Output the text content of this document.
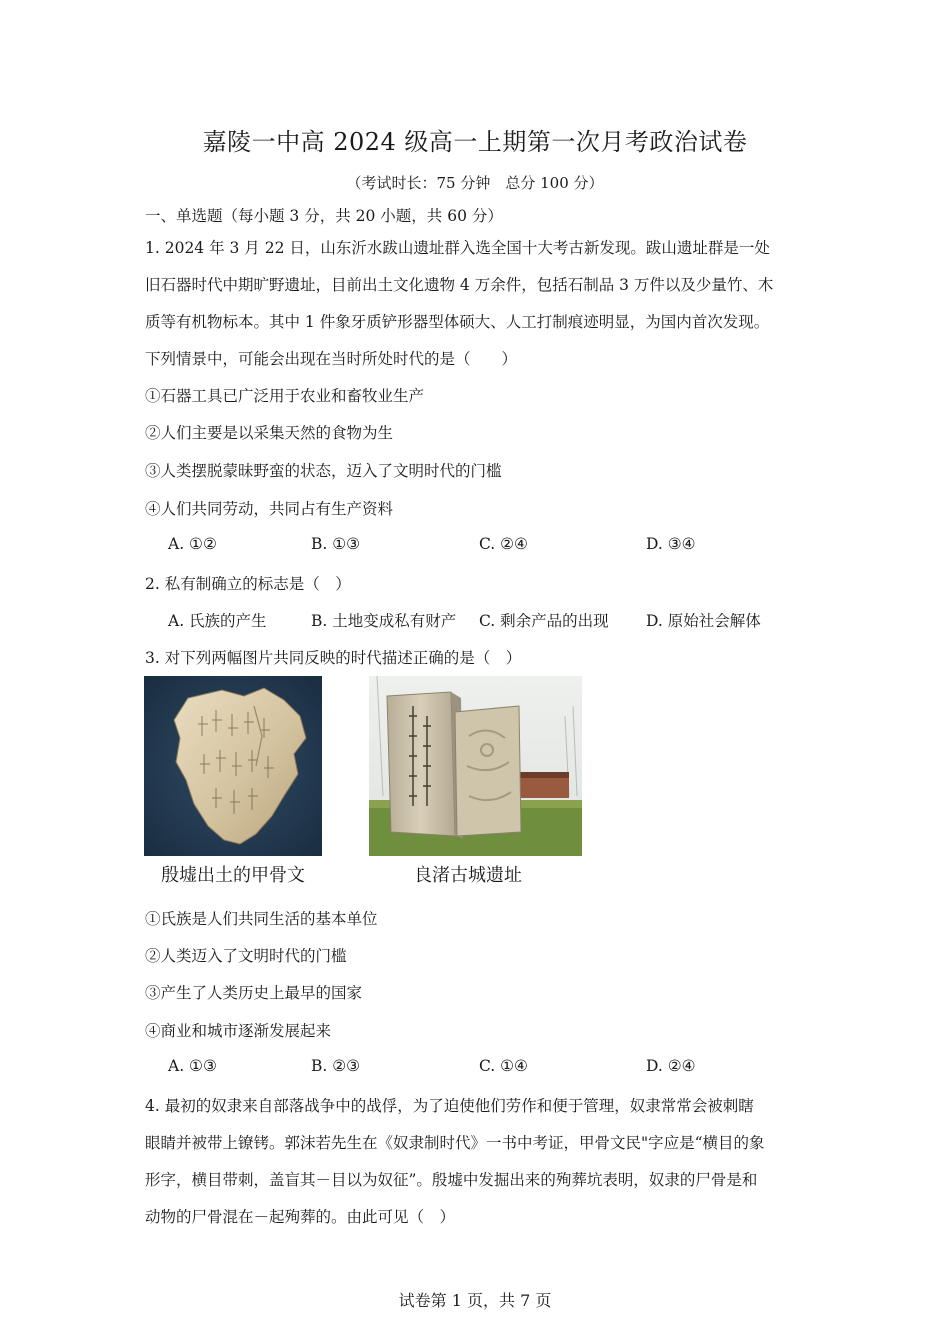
嘉陵一中高 2024 级高一上期第一次月考政治试卷
（考试时长：75 分钟　总分 100 分）
一、单选题（每小题 3 分，共 20 小题，共 60 分）
1. 2024 年 3 月 22 日，山东沂水跋山遗址群入选全国十大考古新发现。跋山遗址群是一处
旧石器时代中期旷野遗址，目前出土文化遗物 4 万余件，包括石制品 3 万件以及少量竹、木
质等有机物标本。其中 1 件象牙质铲形器型体硕大、人工打制痕迹明显，为国内首次发现。
下列情景中，可能会出现在当时所处时代的是（　　）
①石器工具已广泛用于农业和畜牧业生产
②人们主要是以采集天然的食物为生
③人类摆脱蒙昧野蛮的状态，迈入了文明时代的门槛
④人们共同劳动，共同占有生产资料
A. ①②	B. ①③	C. ②④	D. ③④
2. 私有制确立的标志是（　）
A. 氏族的产生	B. 土地变成私有财产 C. 剩余产品的出现 D. 原始社会解体
3. 对下列两幅图片共同反映的时代描述正确的是（　）
殷墟出土的甲骨文	良渚古城遗址
①氏族是人们共同生活的基本单位
②人类迈入了文明时代的门槛
③产生了人类历史上最早的国家
④商业和城市逐渐发展起来
A. ①③	B. ②③	C. ①④	D. ②④
4. 最初的奴隶来自部落战争中的战俘，为了迫使他们劳作和便于管理，奴隶常常会被刺瞎
眼睛并被带上镣铐。郭沫若先生在《奴隶制时代》一书中考证，甲骨文民"字应是“横目的象
形字，横目带刺，盖盲其－目以为奴征”。殷墟中发掘出来的殉葬坑表明，奴隶的尸骨是和
动物的尸骨混在－起殉葬的。由此可见（　）
试卷第 1 页，共 7 页
